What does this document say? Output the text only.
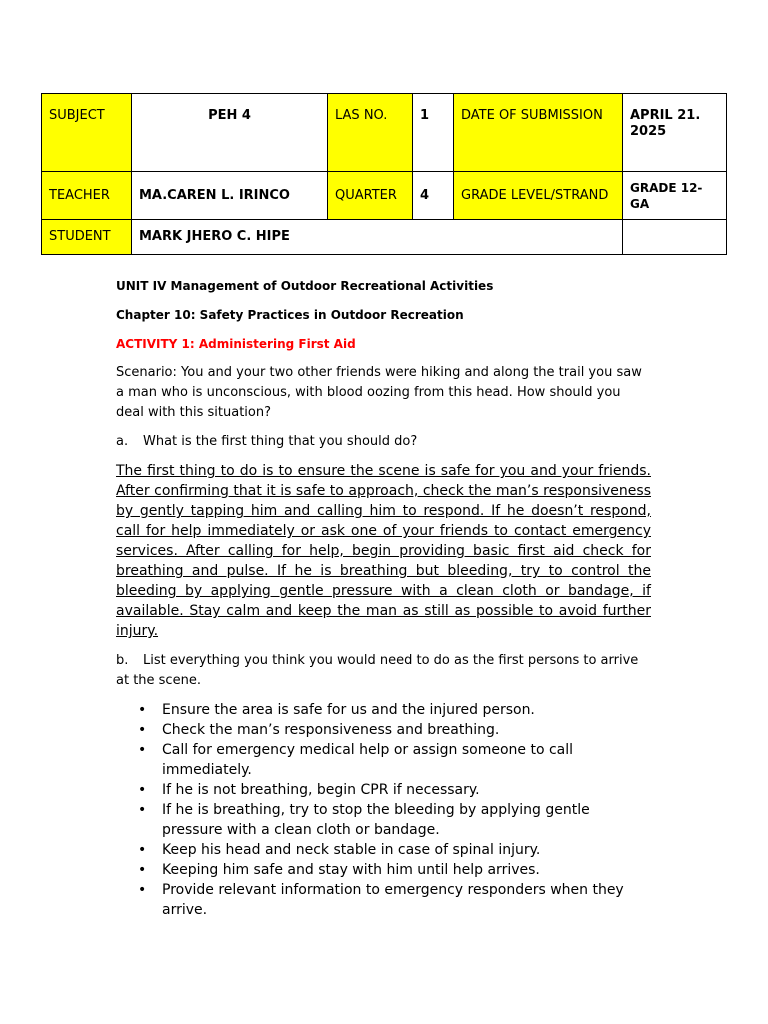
SUBJECT	PEH 4	LAS NO.	1	DATE OF SUBMISSION	APRIL 21. 2025
TEACHER	MA.CAREN L. IRINCO	QUARTER	4	GRADE LEVEL/STRAND	GRADE 12- GA
STUDENT	MARK JHERO C. HIPE				

UNIT IV Management of Outdoor Recreational Activities

Chapter 10: Safety Practices in Outdoor Recreation

ACTIVITY 1: Administering First Aid

Scenario: You and your two other friends were hiking and along the trail you saw a man who is unconscious, with blood oozing from this head. How should you deal with this situation?

a. What is the first thing that you should do?

The first thing to do is to ensure the scene is safe for you and your friends. After confirming that it is safe to approach, check the man’s responsiveness by gently tapping him and calling him to respond. If he doesn’t respond, call for help immediately or ask one of your friends to contact emergency services. After calling for help, begin providing basic first aid check for breathing and pulse. If he is breathing but bleeding, try to control the bleeding by applying gentle pressure with a clean cloth or bandage, if available. Stay calm and keep the man as still as possible to avoid further injury.

b. List everything you think you would need to do as the first persons to arrive at the scene.

• Ensure the area is safe for us and the injured person.
• Check the man’s responsiveness and breathing.
• Call for emergency medical help or assign someone to call immediately.
• If he is not breathing, begin CPR if necessary.
• If he is breathing, try to stop the bleeding by applying gentle pressure with a clean cloth or bandage.
• Keep his head and neck stable in case of spinal injury.
• Keeping him safe and stay with him until help arrives.
• Provide relevant information to emergency responders when they arrive.
